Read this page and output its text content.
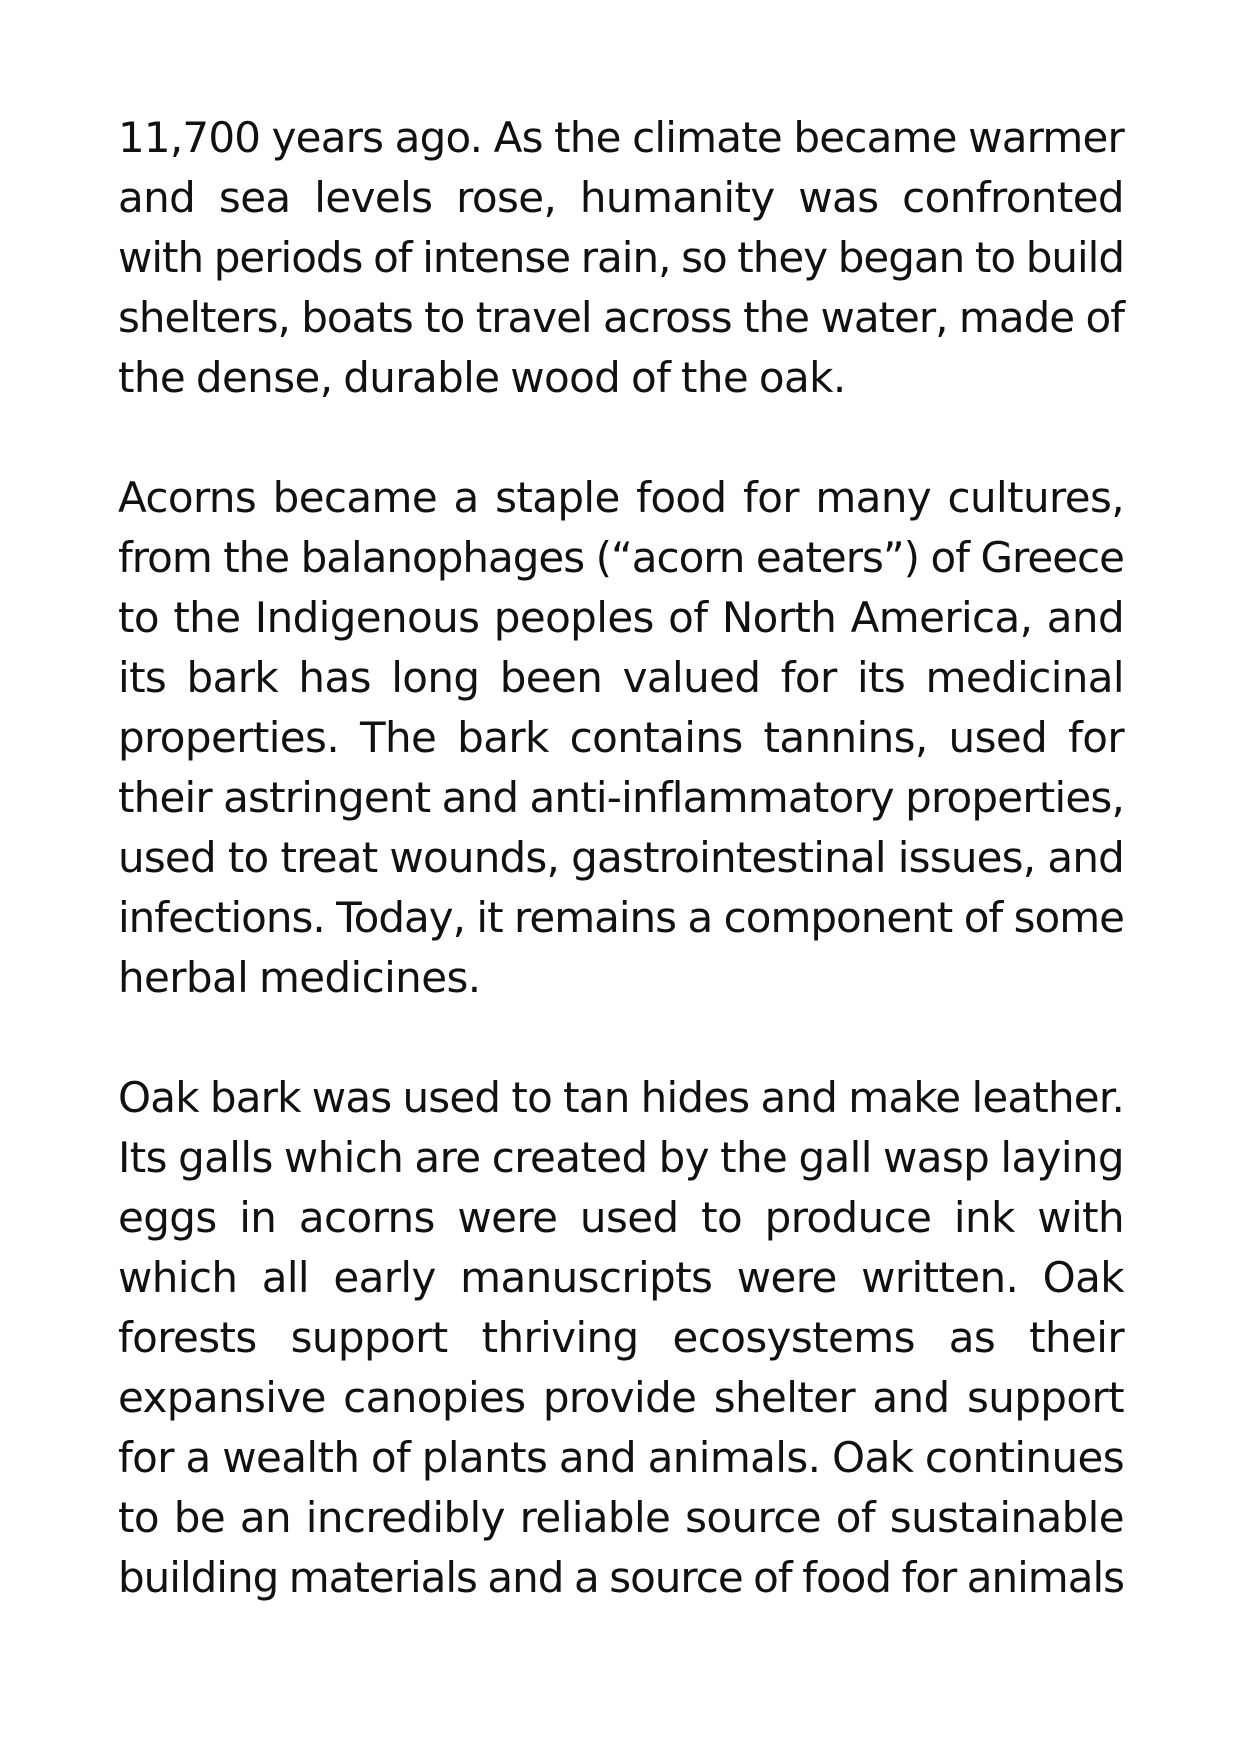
11,700 years ago. As the climate became warmer
and sea levels rose, humanity was confronted
with periods of intense rain, so they began to build
shelters, boats to travel across the water, made of
the dense, durable wood of the oak.

Acorns became a staple food for many cultures,
from the balanophages (“acorn eaters”) of Greece
to the Indigenous peoples of North America, and
its bark has long been valued for its medicinal
properties. The bark contains tannins, used for
their astringent and anti-inflammatory properties,
used to treat wounds, gastrointestinal issues, and
infections. Today, it remains a component of some
herbal medicines.

Oak bark was used to tan hides and make leather.
Its galls which are created by the gall wasp laying
eggs in acorns were used to produce ink with
which all early manuscripts were written. Oak
forests support thriving ecosystems as their
expansive canopies provide shelter and support
for a wealth of plants and animals. Oak continues
to be an incredibly reliable source of sustainable
building materials and a source of food for animals
